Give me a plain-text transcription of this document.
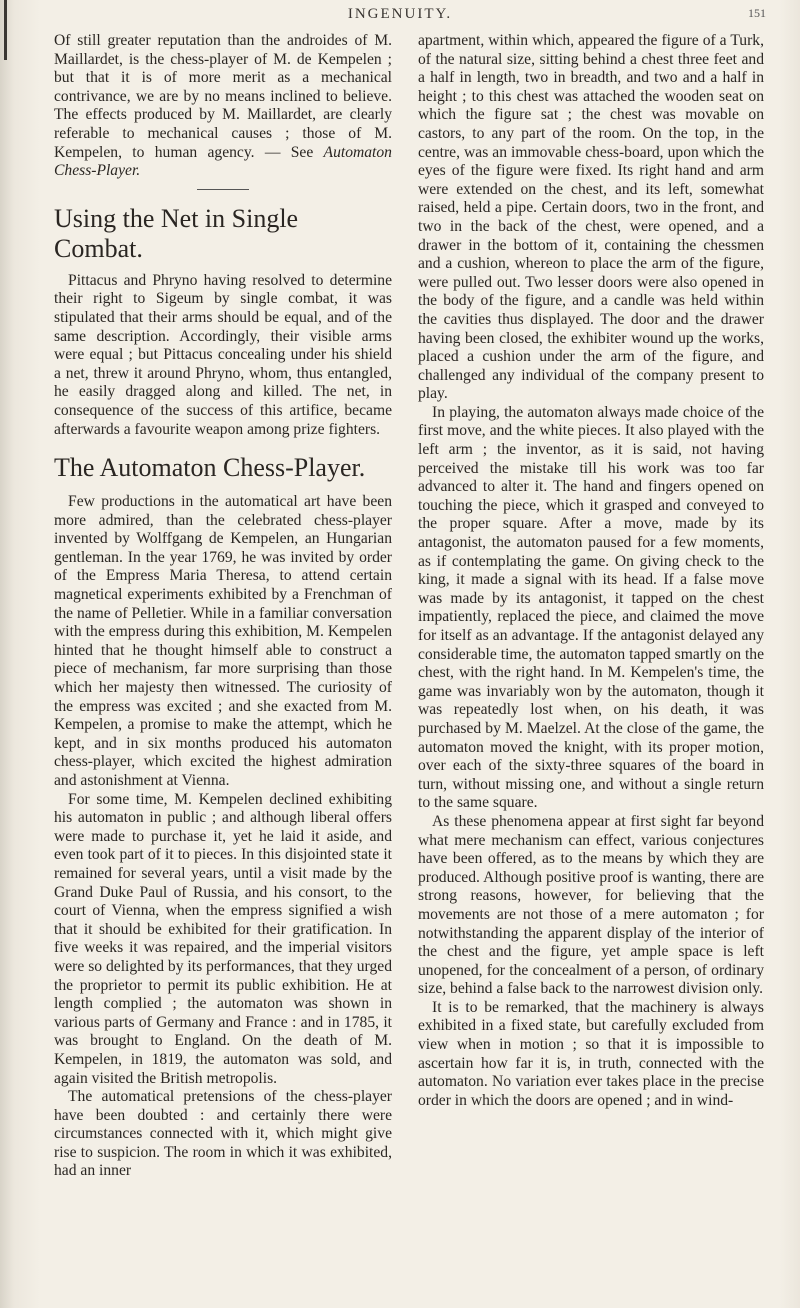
INGENUITY.	151

Of still greater reputation than the androides of M. Maillardet, is the chess-player of M. de Kempelen ; but that it is of more merit as a mechanical contrivance, we are by no means inclined to believe. The effects produced by M. Maillardet, are clearly referable to mechanical causes ; those of M. Kempelen, to human agency. — See Automaton Chess-Player.

Using the Net in Single Combat.

Pittacus and Phryno having resolved to determine their right to Sigeum by single combat, it was stipulated that their arms should be equal, and of the same description. Accordingly, their visible arms were equal ; but Pittacus concealing under his shield a net, threw it around Phryno, whom, thus entangled, he easily dragged along and killed. The net, in consequence of the success of this artifice, became afterwards a favourite weapon among prize fighters.

The Automaton Chess-Player.

Few productions in the automatical art have been more admired, than the celebrated chess-player invented by Wolffgang de Kempelen, an Hungarian gentleman. In the year 1769, he was invited by order of the Empress Maria Theresa, to attend certain magnetical experiments exhibited by a Frenchman of the name of Pelletier. While in a familiar conversation with the empress during this exhibition, M. Kempelen hinted that he thought himself able to construct a piece of mechanism, far more surprising than those which her majesty then witnessed. The curiosity of the empress was excited ; and she exacted from M. Kempelen, a promise to make the attempt, which he kept, and in six months produced his automaton chess-player, which excited the highest admiration and astonishment at Vienna.

For some time, M. Kempelen declined exhibiting his automaton in public ; and although liberal offers were made to purchase it, yet he laid it aside, and even took part of it to pieces. In this disjointed state it remained for several years, until a visit made by the Grand Duke Paul of Russia, and his consort, to the court of Vienna, when the empress signified a wish that it should be exhibited for their gratification. In five weeks it was repaired, and the imperial visitors were so delighted by its performances, that they urged the proprietor to permit its public exhibition. He at length complied ; the automaton was shown in various parts of Germany and France : and in 1785, it was brought to England. On the death of M. Kempelen, in 1819, the automaton was sold, and again visited the British metropolis.

The automatical pretensions of the chess-player have been doubted : and certainly there were circumstances connected with it, which might give rise to suspicion. The room in which it was exhibited, had an inner

apartment, within which, appeared the figure of a Turk, of the natural size, sitting behind a chest three feet and a half in length, two in breadth, and two and a half in height ; to this chest was attached the wooden seat on which the figure sat ; the chest was movable on castors, to any part of the room. On the top, in the centre, was an immovable chess-board, upon which the eyes of the figure were fixed. Its right hand and arm were extended on the chest, and its left, somewhat raised, held a pipe. Certain doors, two in the front, and two in the back of the chest, were opened, and a drawer in the bottom of it, containing the chessmen and a cushion, whereon to place the arm of the figure, were pulled out. Two lesser doors were also opened in the body of the figure, and a candle was held within the cavities thus displayed. The door and the drawer having been closed, the exhibiter wound up the works, placed a cushion under the arm of the figure, and challenged any individual of the company present to play.

In playing, the automaton always made choice of the first move, and the white pieces. It also played with the left arm ; the inventor, as it is said, not having perceived the mistake till his work was too far advanced to alter it. The hand and fingers opened on touching the piece, which it grasped and conveyed to the proper square. After a move, made by its antagonist, the automaton paused for a few moments, as if contemplating the game. On giving check to the king, it made a signal with its head. If a false move was made by its antagonist, it tapped on the chest impatiently, replaced the piece, and claimed the move for itself as an advantage. If the antagonist delayed any considerable time, the automaton tapped smartly on the chest, with the right hand. In M. Kempelen's time, the game was invariably won by the automaton, though it was repeatedly lost when, on his death, it was purchased by M. Maelzel. At the close of the game, the automaton moved the knight, with its proper motion, over each of the sixty-three squares of the board in turn, without missing one, and without a single return to the same square.

As these phenomena appear at first sight far beyond what mere mechanism can effect, various conjectures have been offered, as to the means by which they are produced. Although positive proof is wanting, there are strong reasons, however, for believing that the movements are not those of a mere automaton ; for notwithstanding the apparent display of the interior of the chest and the figure, yet ample space is left unopened, for the concealment of a person, of ordinary size, behind a false back to the narrowest division only.

It is to be remarked, that the machinery is always exhibited in a fixed state, but carefully excluded from view when in motion ; so that it is impossible to ascertain how far it is, in truth, connected with the automaton. No variation ever takes place in the precise order in which the doors are opened ; and in wind-
